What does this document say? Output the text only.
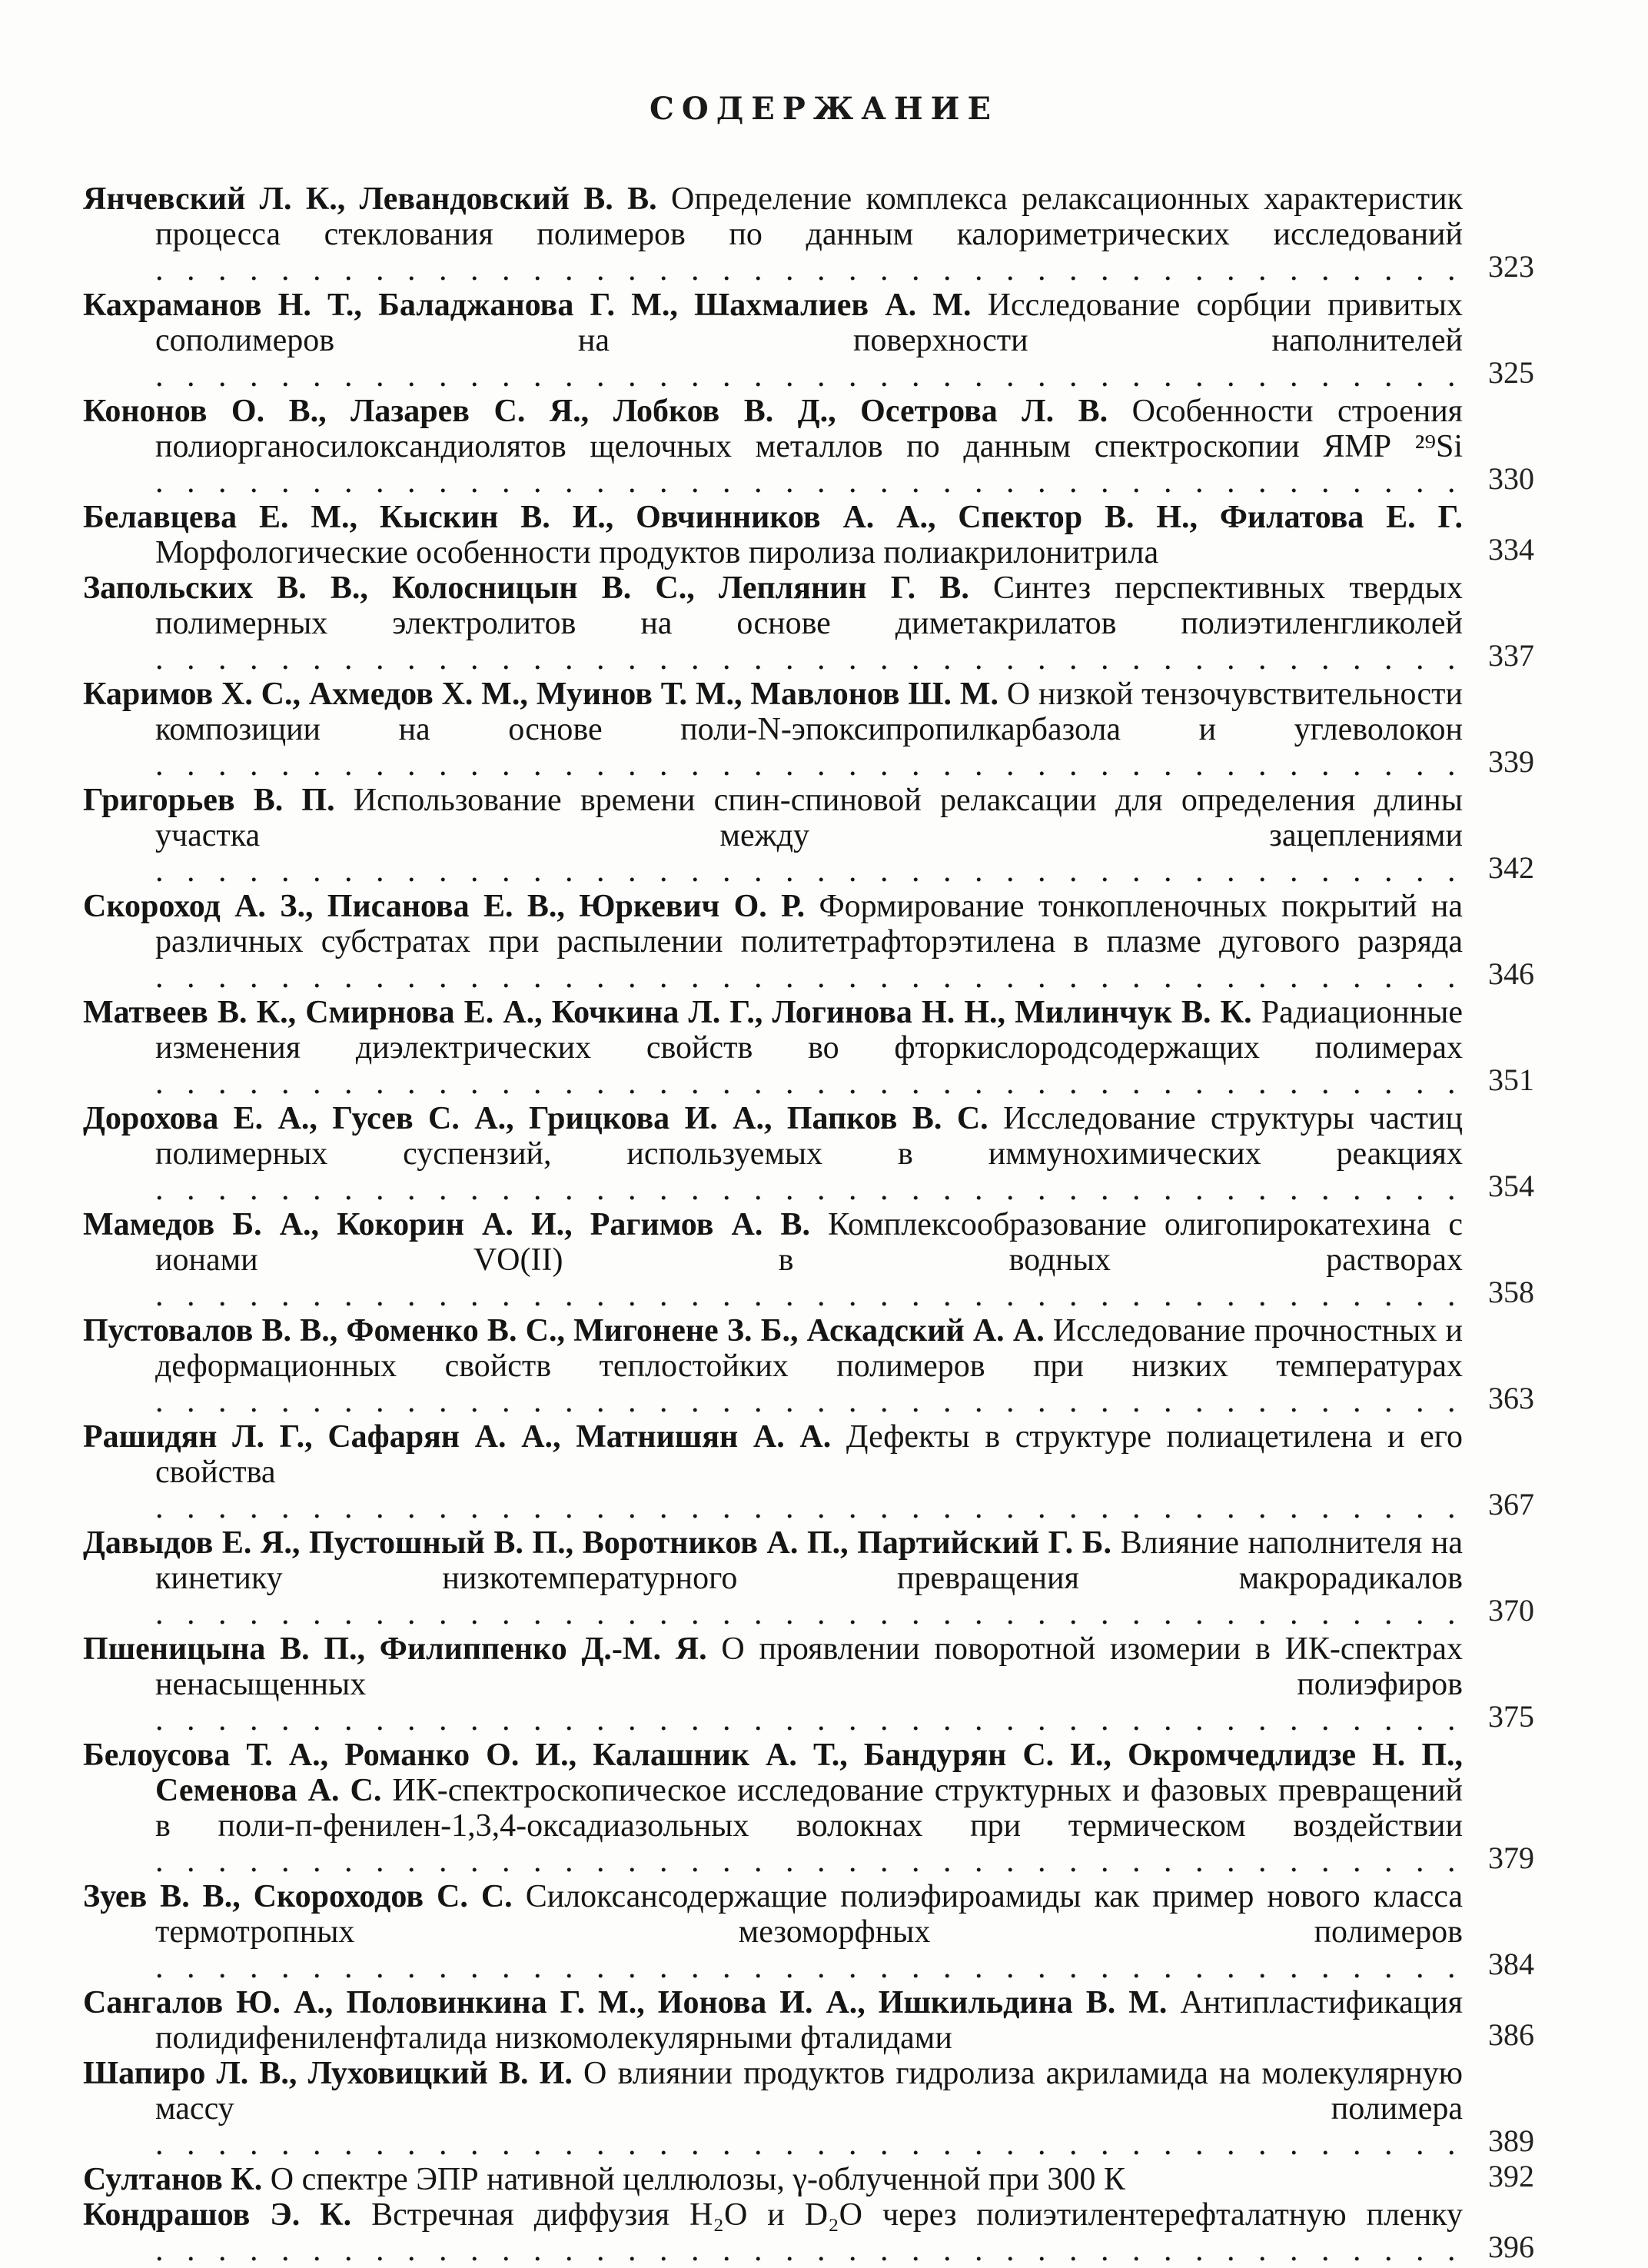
СОДЕРЖАНИЕ
Янчевский Л. К., Левандовский В. В. Определение комплекса релаксационных характеристик процесса стеклования полимеров по данным калориметрических исследований . . .
323
Кахраманов Н. Т., Баладжанова Г. М., Шахмалиев А. М. Исследование сорбции привитых сополимеров на поверхности наполнителей . . .
325
Кононов О. В., Лазарев С. Я., Лобков В. Д., Осетрова Л. В. Особенности строения полиорганосилоксандиолятов щелочных металлов по данным спектроскопии ЯМР ²⁹Si . . .
330
Белавцева Е. М., Кыскин В. И., Овчинников А. А., Спектор В. Н., Филатова Е. Г. Морфологические особенности продуктов пиролиза полиакрилонитрила	334
Запольских В. В., Колосницын В. С., Леплянин Г. В. Синтез перспективных твердых полимерных электролитов на основе диметакрилатов полиэтиленгликолей . . .
337
Каримов Х. С., Ахмедов Х. М., Муинов Т. М., Мавлонов Ш. М. О низкой тензочувствительности композиции на основе поли-N-эпоксипропилкарбазола и углеволокон . . .
339
Григорьев В. П. Использование времени спин-спиновой релаксации для определения длины участка между зацеплениями . . .
342
Скороход А. З., Писанова Е. В., Юркевич О. Р. Формирование тонкопленочных покрытий на различных субстратах при распылении политетрафторэтилена в плазме дугового разряда . . .
346
Матвеев В. К., Смирнова Е. А., Кочкина Л. Г., Логинова Н. Н., Милинчук В. К. Радиационные изменения диэлектрических свойств во фторкислородсодержащих полимерах . . .
351
Дорохова Е. А., Гусев С. А., Грицкова И. А., Папков В. С. Исследование структуры частиц полимерных суспензий, используемых в иммунохимических реакциях . . .
354
Мамедов Б. А., Кокорин А. И., Рагимов А. В. Комплексообразование олигопирокатехина с ионами VO(II) в водных растворах . . .
358
Пустовалов В. В., Фоменко В. С., Мигонене З. Б., Аскадский А. А. Исследование прочностных и деформационных свойств теплостойких полимеров при низких температурах . . .
363
Рашидян Л. Г., Сафарян А. А., Матнишян А. А. Дефекты в структуре полиацетилена и его свойства . . .
367
Давыдов Е. Я., Пустошный В. П., Воротников А. П., Партийский Г. Б. Влияние наполнителя на кинетику низкотемпературного превращения макрорадикалов . . .
370
Пшеницына В. П., Филиппенко Д.-М. Я. О проявлении поворотной изомерии в ИК-спектрах ненасыщенных полиэфиров . . .
375
Белоусова Т. А., Романко О. И., Калашник А. Т., Бандурян С. И., Окромчедлидзе Н. П., Семенова А. С. ИК-спектроскопическое исследование структурных и фазовых превращений в поли-п-фенилен-1,3,4-оксадиазольных волокнах при термическом воздействии . . .
379
Зуев В. В., Скороходов С. С. Силоксансодержащие полиэфироамиды как пример нового класса термотропных мезоморфных полимеров . . .
384
Сангалов Ю. А., Половинкина Г. М., Ионова И. А., Ишкильдина В. М. Антипластификация полидифениленфталида низкомолекулярными фталидами	386
Шапиро Л. В., Луховицкий В. И. О влиянии продуктов гидролиза акриламида на молекулярную массу полимера . . .
389
Султанов К. О спектре ЭПР нативной целлюлозы, γ-облученной при 300 К	392
Кондрашов Э. К. Встречная диффузия H₂O и D₂O через полиэтилентерефталатную пленку . . .
396
